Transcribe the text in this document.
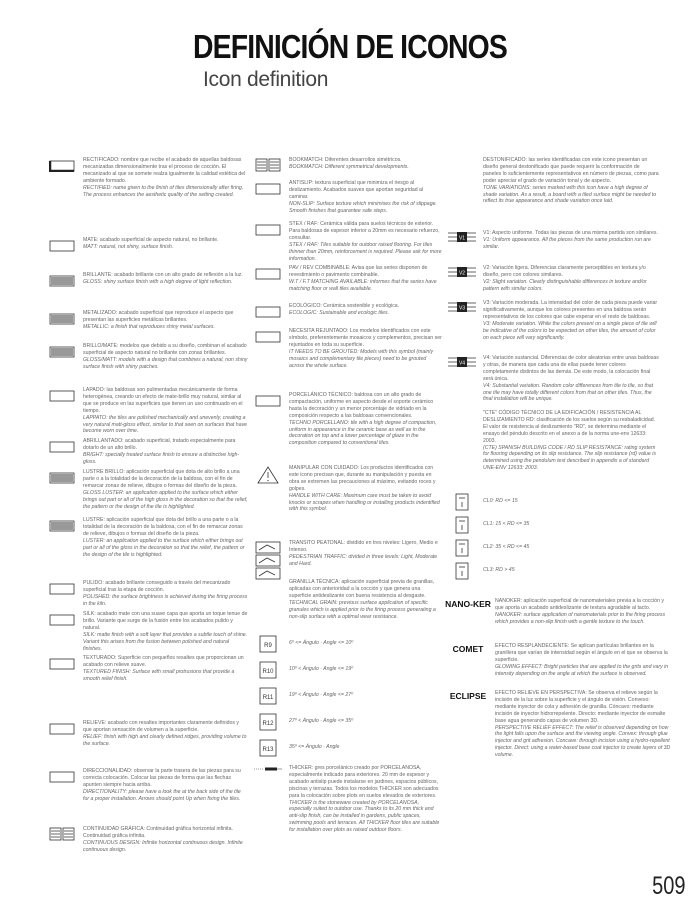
DEFINICIÓN DE ICONOS
Icon definition
RECTIFICADO: nombre que recibe el acabado de aquellas baldosas mecanizadas dimensionalmente tras el proceso de cocción. El mecanizado al que se somete realza igualmente la calidad estética del ambiente formado.
RECTIFIED: name given to the finish of tiles dimensionally after firing. The process enhances the aesthetic quality of the setting created.
MATE: acabado superficial de aspecto natural, no brillante.
MATT: natural, not shiny, surface finish.
BRILLANTE: acabado brillante con un alto grado de reflexión a la luz.
GLOSS: shiny surface finish with a high degree of light reflection.
METALIZADO: acabado superficial que reproduce el aspecto que presentan las superficies metálicas brillantes.
METALLIC: a finish that reproduces shiny metal surfaces.
BRILLO/MATE: modelos que debido a su diseño, combinan el acabado superficial de aspecto natural no brillante con zonas brillantes.
GLOSS/MATT: models with a design that combines a natural, non shiny surface finish with shiny patches.
LAPADO: las baldosas son pulimentadas mecánicamente de forma heterogénea, creando un efecto de mate-brillo muy natural, similar al que se produce en las superficies que tienen un uso continuado en el tiempo.
LAPPATO: the tiles are polished mechanically and unevenly, creating a very natural matt-gloss effect, similar to that seen on surfaces that have become worn over time.
ABRILLANTADO: acabado superficial, tratado especialmente para dotarlo de un alto brillo.
BRIGHT: specially treated surface finish to ensure a distinctive high-gloss.
LUSTRE BRILLO: aplicación superficial que dota de alto brillo a una parte o a la totalidad de la decoración de la baldosa, con el fin de remarcar zonas de relieve, dibujos o formas del diseño de la pieza.
GLOSS LUSTER: an application applied to the surface which either brings out part or all of the high gloss in the decoration so that the relief, the pattern or the design of the tile is highlighted.
LUSTRE: aplicación superficial que dota del brillo a una parte o a la totalidad de la decoración de la baldosa, con el fin de remarcar zonas de relieve, dibujos o formas del diseño de la pieza.
LUSTER: an application applied to the surface which either brings out part or all of the gloss in the decoration so that the relief, the pattern or the design of the tile is highlighted.
PULIDO: acabado brillante conseguido a través del mecanizado superficial tras la etapa de cocción.
POLISHED: the surface brightness is achieved during the firing process in the kiln.
SILK: acabado mate con una suave capa que aporta un toque tenue de brillo. Variante que surge de la fusión entre los acabados pulido y natural.
SILK: matte finish with a soft layer that provides a subtle touch of shine. Variant this arises from the fusion between polished and natural finishes.
TEXTURADO: Superficie con pequeños resaltes que proporcionan un acabado con relieve suave.
TEXTURED FINISH: Surface with small protrusions that provide a smooth relief finish.
RELIEVE: acabado con resaltes importantes claramente definidos y que aportan sensación de volumen a la superficie.
RELIEF: finish with high and clearly defined ridges, providing volume to the surface.
DIRECCIONALIDAD: observar la parte trasera de las piezas para su correcta colocación. Colocar las piezas de forma que las flechas apunten siempre hacia arriba.
DIRECTIONALITY: please have a look the at the back side of the tile for a proper installation. Arrows should point Up when fixing the tiles.
CONTINUIDAD GRÁFICA: Continuidad gráfica horizontal infinita. Continuidad gráfica infinita.
CONTINUOUS DESIGN: Infinite horizontal continuous design. Infinite continuous design.
BOOKMATCH: Diferentes desarrollos simétricos.
BOOKMATCH: Different symmetrical developments.
ANTISLIP: textura superficial que minimiza el riesgo al deslizamiento. Acabados suaves que aportan seguridad al caminar.
NON-SLIP: Surface texture which minimises the risk of slippage. Smooth finishes that guarantee safe steps.
STEX / RAF: Cerámica válida para suelos técnicos de exterior. Para baldosas de espesor inferior a 20mm es necesario refuerzo, consultar.
STEX / RAF: Tiles suitable for outdoor raised flooring. For tiles thinner than 20mm, reinforcement is required. Please ask for more information.
PAV / REV COMBINABLE: Avisa que las series disponen de revestimiento o pavimento combinable.
W.T / F.T MATCHING AVAILABLE: informes that the series have matching floor or wall tiles available.
ECOLÓGICO: Cerámica sostenible y ecológica.
ECOLOGIC: Sustainable and ecologic tiles.
NECESITA REJUNTADO: Los modelos identificados con este símbolo, preferentemente mosaicos y complementos, precisan ser rejuntados en toda su superficie.
IT NEEDS TO BE GROUTED: Models with this symbol (mainly mosaics and complementary tile pieces) need to be grouted across the whole surface.
PORCELÁNICO TÉCNICO: baldosa con un alto grado de compactación, uniforme en aspecto desde el soporte cerámico hasta la decoración y un menor porcentaje de vidriado en la composición respecto a las baldosas convencionales.
TECHNO PORCELLANO: tile with a high degree of compaction, uniform in appearance in the ceramic base as well as in the decoration on top and a lower percentage of glaze in the composition compared to conventional tiles.
MANIPULAR CON CUIDADO: Los productos identificados con este icono precisan que, durante su manipulación y puesta en obra se extremen las precauciones al máximo, evitando roces y golpes.
HANDLE WITH CARE: Maximum care must be taken to avoid knocks or scrapes when handling or installing products indentified with this symbol.
TRANSITO PEATONAL: dividido en tres niveles: Ligero, Medio e Intenso.
PEDESTRIAN TRAFFIC: divided in three levels: Light, Moderate and Hard.
GRANILLA TÉCNICA: aplicación superficial previa de granillas, aplicadas con anterioridad a la cocción y que genera una superficie antideslizante con buena resistencia al desgaste.
TECHNICAL GRAIN: previous surface application of specific granules which is applied prior to the firing process generating a non-slip surface with a optimal wear resistance.
R9	6º <= Ángulo · Angle <= 10º
R10	10º < Ángulo · Angle <= 19º
R11	19º < Ángulo · Angle <= 27º
R12	27º < Ángulo · Angle <= 35º
R13	35º <= Ángulo · Angle
THICKER: gres porcelánico creado por PORCELANOSA, especialmente indicado para exteriores. 20 mm de espesor y acabado antislip puede instalarse en jardines, espacios públicos, piscinas y terrazas. Todos los modelos THICKER son adecuados para la colocación sobre plots en suelos elevados de exteriores.
THICKER is the stoneware created by PORCELANOSA, especially suited to outdoor use. Thanks to its 20 mm thick and anti-slip finish, can be installed in gardens, public spaces, swimming pools and terraces. All THICKER floor tiles are suitable for installation over plots as raised outdoor floors.
DESTONIFICADO: las series identificadas con este icono presentan un diseño general destonificado que puede requerir la conformación de paneles lo suficientemente representativos en número de piezas, como para poder apreciar el grado de variación tonal y de aspecto.
TONE VARIATIONS: series marked with this icon have a high degree of shade variation. As a result, a board with a tiled surface might be needed to reflect its true appearance and shade variation once laid.
V1
V1: Aspecto uniforme. Todas las piezas de una misma partida son similares.
V1: Uniform appearance. All the pieces from the same production run are similar.
V2
V2: Variación ligera. Diferencias claramente perceptibles en textura y/o diseño, pero con colores similares.
V2: Slight variation. Clearly distinguishable differences in texture and/or pattern with similar colors.
V3
V3: Variación moderada. La intensidad del color de cada pieza puede variar significativamente, aunque los colores presentes en una baldosa serán representativos de los colores que cabe esperar en el resto de baldosas.
V3: Moderate variation. While the colors present on a single piece of tile will be indicative of the colors to be expected on other tiles, the amount of color on each piece will vary significantly.
V4
V4: Variación sustancial. Diferencias de color aleatorias entre unas baldosas y otras, de manera que cada una de ellas puede tener colores completamente distintos de las demás. De este modo, la colocación final será única.
V4: Substantial variation. Random color differences from tile to tile, so that one tile may have totally different colors from that on other tiles. Thus, the final installation will be unique.
"CTE" CÓDIGO TÉCNICO DE LA EDIFICACIÓN / RESISTENCIA AL DESLIZAMIENTO RD: clasificación de los suelos según su resbaladicidad. El valor de resistencia al deslizamiento "RD", se determina mediante el ensayo del péndulo descrito en el anexo a de la norma une-env 12633: 2003.
(CTE) SPANISH BUILDING CODE / RD SLIP RESISTANCE: rating system for flooring depending on its slip resistance. The slip resistance (rd) value is determined using the pendulum test described in appendix a of standard UNE-ENV 12633: 2003.
CL0: RD <= 15
CL1: 15 < RD <= 35
CL2: 35 < RD <= 45
CL3: RD > 45
NANO-KER NANOKER: aplicación superficial de nanomateriales previa a la cocción y que aporta un acabado antideslizante de textura agradable al tacto.
NANOKER: surface application of nanomaterials prior to the firing process which provides a non-slip finish with a gentle texture to the touch.
COMET EFECTO RESPLANDECIENTE: Se aplican partículas brillantes en la granillera que varían de intensidad según el ángulo en el que se observa la superficie.
GLOWING EFFECT: Bright particles that are applied to the grits and vary in intensity depending on the angle at which the surface is observed.
ECLIPSE EFECTO RELIEVE EN PERSPECTIVA: Se observa el relieve según la incisión de la luz sobre la superficie y el ángulo de visión. Convexo: mediante inyector de cola y adhesión de granilla. Cóncavo: mediante incisión de inyector hidrorrepelente. Directo: mediante inyector de esmalte base agua generando capas de volumen 3D.
PERSPECTIVE RELIEF EFFECT: The relief is observed depending on how the light falls upon the surface and the viewing angle. Convex: through glue injector and grit adhesion. Concave: through incision using a hydro-repellent injector. Direct: using a water-based base coat injector to create layers of 3D volume.
509
